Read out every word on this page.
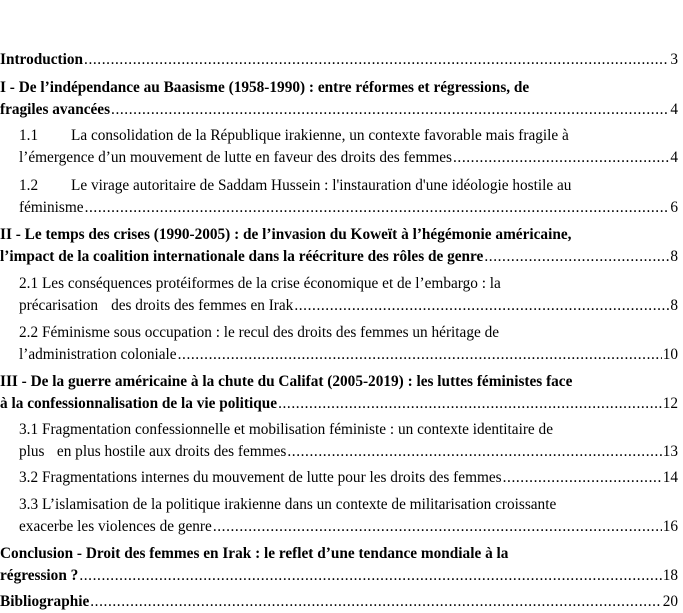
Introduction .....	3
I - De l’indépendance au Baasisme (1958-1990) : entre réformes et régressions, de
fragiles avancées .....	4
1.1	La consolidation de la République irakienne, un contexte favorable mais fragile à
l’émergence d’un mouvement de lutte en faveur des droits des femmes .....	4
1.2	Le virage autoritaire de Saddam Hussein : l'instauration d'une idéologie hostile au
féminisme .....	6
II - Le temps des crises (1990-2005) : de l’invasion du Koweït à l’hégémonie américaine,
l’impact de la coalition internationale dans la réécriture des rôles de genre .....	8
2.1 Les conséquences protéiformes de la crise économique et de l’embargo : la
précarisation des droits des femmes en Irak .....	8
2.2 Féminisme sous occupation : le recul des droits des femmes un héritage de
l’administration coloniale .....	10
III - De la guerre américaine à la chute du Califat (2005-2019) : les luttes féministes face
à la confessionnalisation de la vie politique .....	12
3.1 Fragmentation confessionnelle et mobilisation féministe : un contexte identitaire de
plus en plus hostile aux droits des femmes .....	13
3.2 Fragmentations internes du mouvement de lutte pour les droits des femmes .....	14
3.3 L’islamisation de la politique irakienne dans un contexte de militarisation croissante
exacerbe les violences de genre .....	16
Conclusion - Droit des femmes en Irak : le reflet d’une tendance mondiale à la
régression ? .....	18
Bibliographie .....	20
